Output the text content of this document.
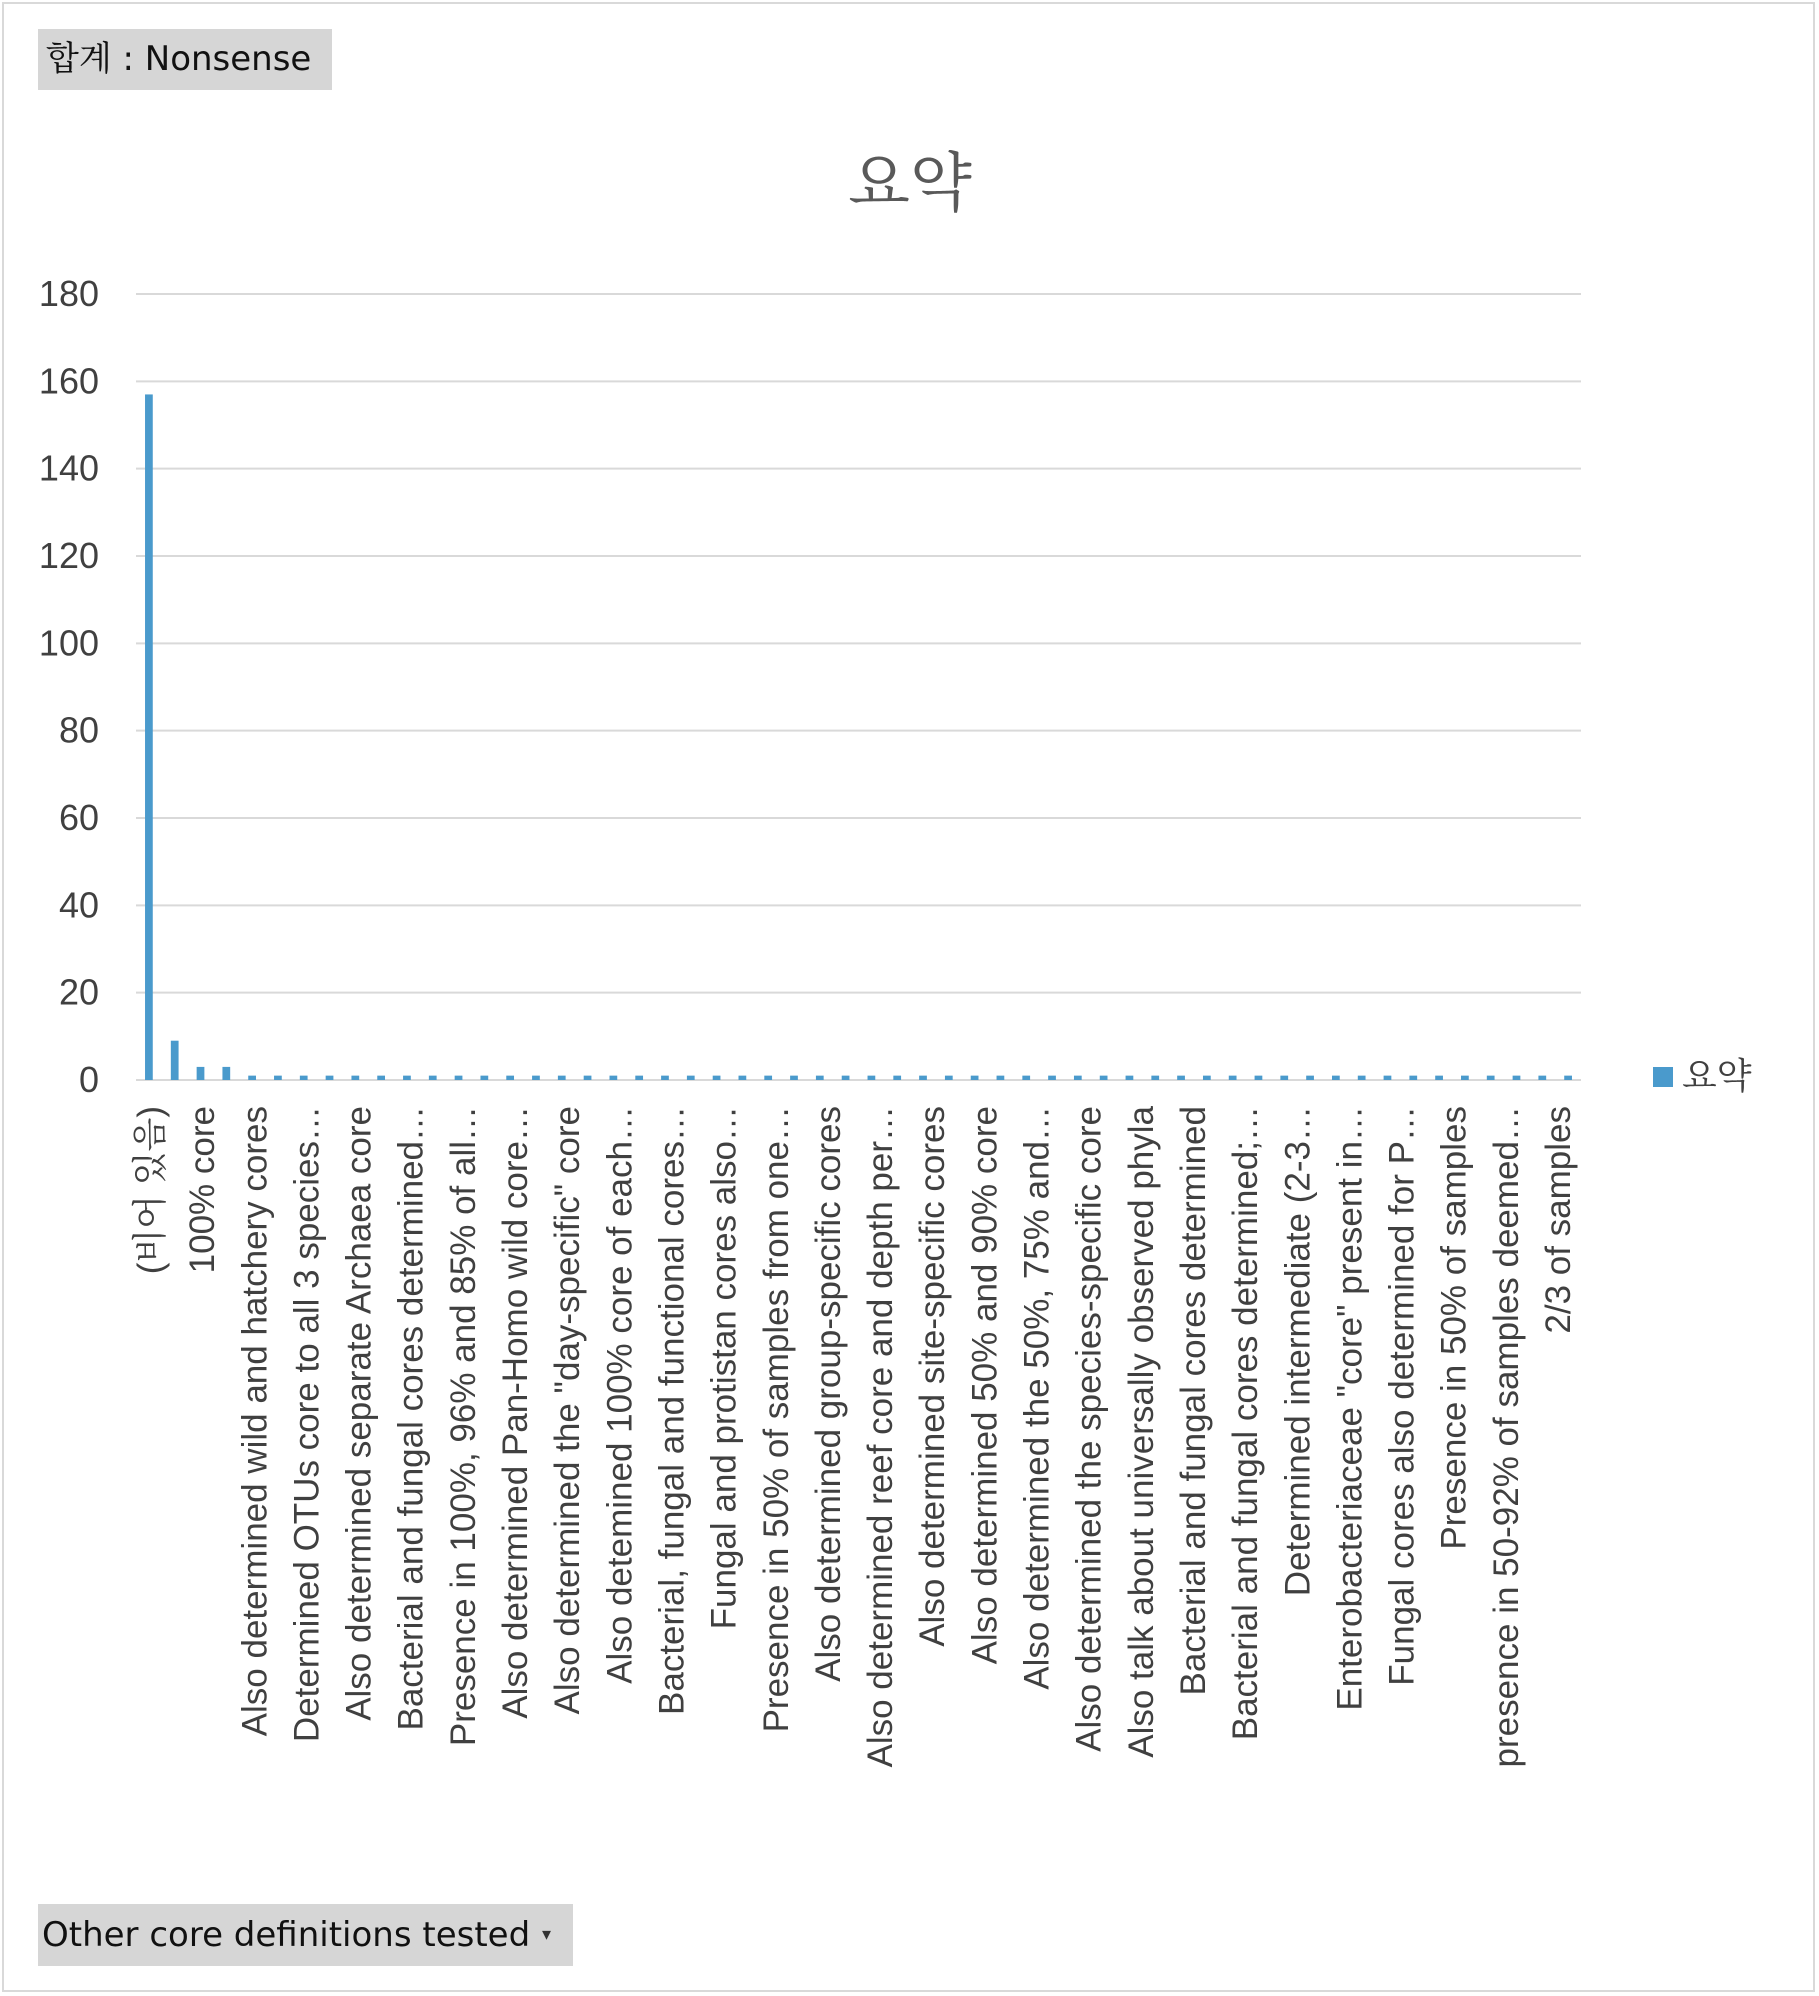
합계 : Nonsense
요약
0
20
40
60
80
100
120
140
160
180
(비어 있음) 100% core Also determined wild and hatchery cores Determined OTUs core to all 3 species… Also determined separate Archaea core Bacterial and fungal cores determined… Presence in 100%, 96% and 85% of all… Also determined Pan-Homo wild core… Also determined the "day-specific" core Also detemined 100% core of each… Bacterial, fungal and functional cores… Fungal and protistan cores also… Presence in 50% of samples from one… Also determined group-specific cores Also determined reef core and depth per… Also determined site-specific cores Also determined 50% and 90% core Also determined the 50%, 75% and… Also determined the species-specific core Also talk about universally observed phyla Bacterial and fungal cores determined Bacterial and fungal cores determined;… Determined intermediate (2-3… Enterobacteriaceae "core" present in… Fungal cores also determined for P… Presence in 50% of samples presence in 50-92% of samples deemed… 2/3 of samples
요약
Other core definitions tested ▾
